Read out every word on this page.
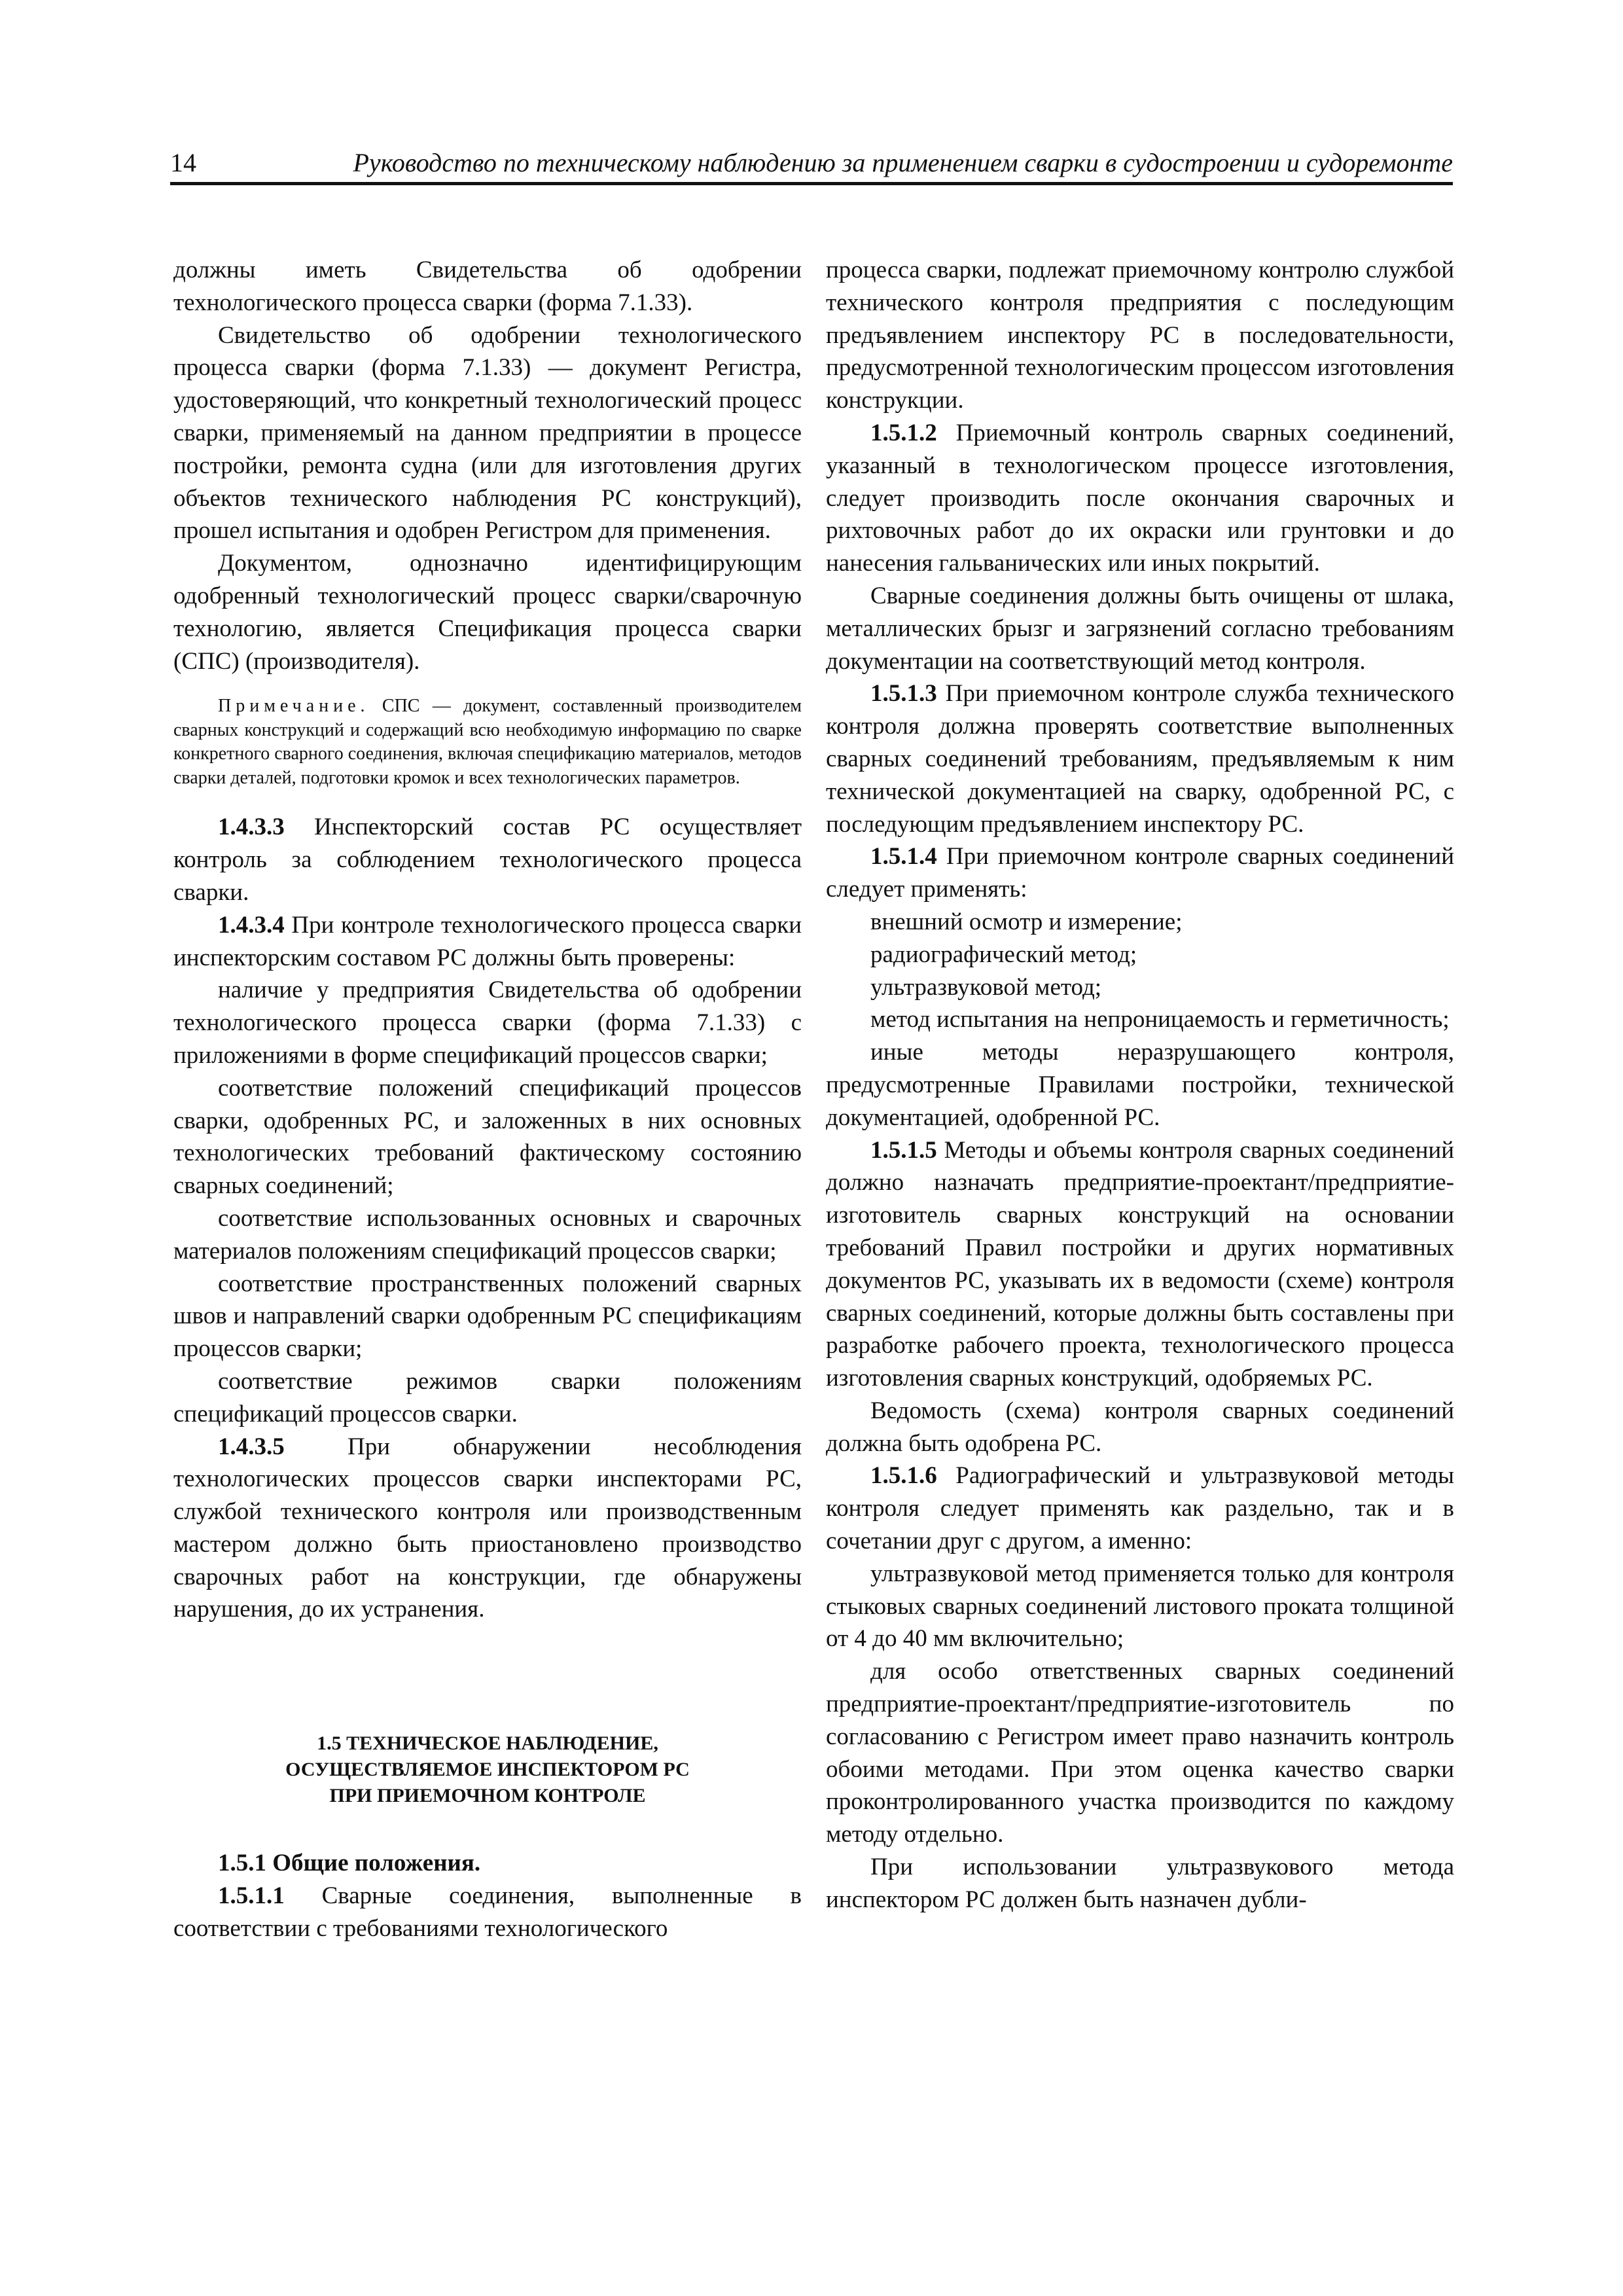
14	Руководство по техническому наблюдению за применением сварки в судостроении и судоремонте

должны иметь Свидетельства об одобрении технологического процесса сварки (форма 7.1.33).

Свидетельство об одобрении технологического процесса сварки (форма 7.1.33) — документ Регистра, удостоверяющий, что конкретный технологический процесс сварки, применяемый на данном предприятии в процессе постройки, ремонта судна (или для изготовления других объектов технического наблюдения РС конструкций), прошел испытания и одобрен Регистром для применения.

Документом, однозначно идентифицирующим одобренный технологический процесс сварки/сварочную технологию, является Спецификация процесса сварки (СПС) (производителя).

Примечание. СПС — документ, составленный производителем сварных конструкций и содержащий всю необходимую информацию по сварке конкретного сварного соединения, включая спецификацию материалов, методов сварки деталей, подготовки кромок и всех технологических параметров.

1.4.3.3 Инспекторский состав РС осуществляет контроль за соблюдением технологического процесса сварки.

1.4.3.4 При контроле технологического процесса сварки инспекторским составом РС должны быть проверены:

наличие у предприятия Свидетельства об одобрении технологического процесса сварки (форма 7.1.33) с приложениями в форме спецификаций процессов сварки;

соответствие положений спецификаций процессов сварки, одобренных РС, и заложенных в них основных технологических требований фактическому состоянию сварных соединений;

соответствие использованных основных и сварочных материалов положениям спецификаций процессов сварки;

соответствие пространственных положений сварных швов и направлений сварки одобренным РС спецификациям процессов сварки;

соответствие режимов сварки положениям спецификаций процессов сварки.

1.4.3.5	При обнаружении несоблюдения технологических процессов сварки инспекторами РС, службой технического контроля или производственным мастером должно быть приостановлено производство сварочных работ на конструкции, где обнаружены нарушения, до их устранения.

1.5 ТЕХНИЧЕСКОЕ НАБЛЮДЕНИЕ,
ОСУЩЕСТВЛЯЕМОЕ ИНСПЕКТОРОМ РС
ПРИ ПРИЕМОЧНОМ КОНТРОЛЕ

1.5.1 Общие положения.

1.5.1.1 Сварные соединения, выполненные в соответствии с требованиями технологического

процесса сварки, подлежат приемочному контролю службой технического контроля предприятия с последующим предъявлением инспектору РС в последовательности, предусмотренной технологическим процессом изготовления конструкции.

1.5.1.2 Приемочный контроль сварных соединений, указанный в технологическом процессе изготовления, следует производить после окончания сварочных и рихтовочных работ до их окраски или грунтовки и до нанесения гальванических или иных покрытий.

Сварные соединения должны быть очищены от шлака, металлических брызг и загрязнений согласно требованиям документации на соответствующий метод контроля.

1.5.1.3 При приемочном контроле служба технического контроля должна проверять соответствие выполненных сварных соединений требованиям, предъявляемым к ним технической документацией на сварку, одобренной РС, с последующим предъявлением инспектору РС.

1.5.1.4 При приемочном контроле сварных соединений следует применять:

внешний осмотр и измерение;

радиографический метод;

ультразвуковой метод;

метод испытания на непроницаемость и герметичность;

иные методы неразрушающего контроля, предусмотренные Правилами постройки, технической документацией, одобренной РС.

1.5.1.5 Методы и объемы контроля сварных соединений должно назначать предприятие-проектант/предприятие-изготовитель сварных конструкций на основании требований Правил постройки и других нормативных документов РС, указывать их в ведомости (схеме) контроля сварных соединений, которые должны быть составлены при разработке рабочего проекта, технологического процесса изготовления сварных конструкций, одобряемых РС.

Ведомость (схема) контроля сварных соединений должна быть одобрена РС.

1.5.1.6 Радиографический и ультразвуковой методы контроля следует применять как раздельно, так и в сочетании друг с другом, а именно:

ультразвуковой метод применяется только для контроля стыковых сварных соединений листового проката толщиной от 4 до 40 мм включительно;

для особо ответственных сварных соединений предприятие-проектант/предприятие-изготовитель по согласованию с Регистром имеет право назначить контроль обоими методами. При этом оценка качество сварки проконтролированного участка производится по каждому методу отдельно.

При использовании ультразвукового метода инспектором РС должен быть назначен дубли-
